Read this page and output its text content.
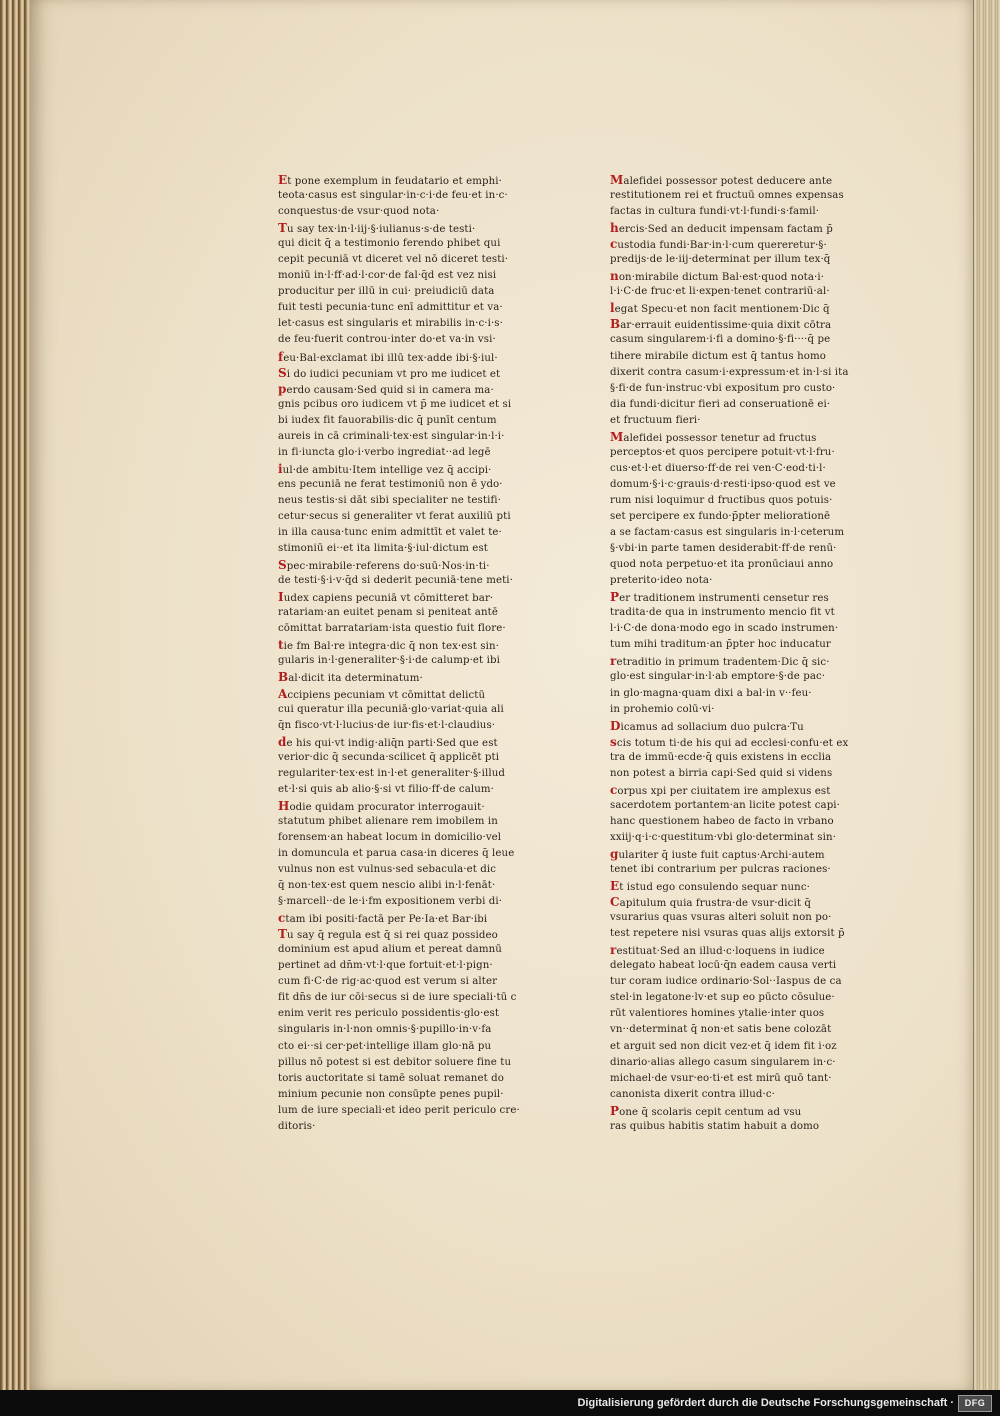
Et pone exemplum in feudatario et emphi·
teota·casus est singular·in·c·i·de feu·et in·c·
conquestus·de vsur·quod nota·
Tu say tex·in·l·iij·§·iulianus·s·de testi·
qui dicit q̄ a testimonio ferendo phibet qui
cepit pecuniā vt diceret vel nō diceret testi·
moniū in·l·ff·ad·l·cor·de fal·q̄d est vez nisi
producitur per illū in cui· preiudiciū data
fuit testi pecunia·tunc enī admittitur et va·
let·casus est singularis et mirabilis in·c·i·s·
de feu·fuerit controu·inter do·et va·in vsi·
feu·Bal·exclamat ibi illū tex·adde ibi·§·iul·
Si do iudici pecuniam vt pro me iudicet et
perdo causam·Sed quid si in camera ma·
gnis pcibus oro iudicem vt p̄ me iudicet et si
bi iudex fit fauorabilis·dic q̄ punīt centum
aureis in cā criminali·tex·est singular·in·l·i·
in fi·iuncta glo·i·verbo ingrediat··ad legē
iul·de ambitu·Item intellige vez q̄ accipi·
ens pecuniā ne ferat testimoniū non ē ydo·
neus testis·si dāt sibi specialiter ne testifi·
cetur·secus si generaliter vt ferat auxiliū pti
in illa causa·tunc enim admittīt et valet te·
stimoniū ei··et ita limita·§·iul·dictum est
Spec·mirabile·referens do·suū·Nos·in·ti·
de testi·§·i·v·q̄d si dederit pecuniā·tene meti·
Iudex capiens pecuniā vt cōmitteret bar·
ratariam·an euitet penam si peniteat antē
cōmittat barratariam·ista questio fuit flore·
tie fm Bal·re integra·dic q̄ non tex·est sin·
gularis in·l·generaliter·§·i·de calump·et ibi
Bal·dicit ita determinatum·
Accipiens pecuniam vt cōmittat delictū
cui queratur illa pecuniā·glo·variat·quia ali
q̄n fisco·vt·l·lucius·de iur·fis·et·l·claudius·
de his qui·vt indig·aliq̄n parti·Sed que est
verior·dic q̄ secunda·scilicet q̄ applicēt pti
regulariter·tex·est in·l·et generaliter·§·illud
et·l·si quis ab alio·§·si vt filio·ff·de calum·
Hodie quidam procurator interrogauit·
statutum phibet alienare rem imobilem in
forensem·an habeat locum in domicilio·vel
in domuncula et parua casa·in diceres q̄ leue
vulnus non est vulnus·sed sebacula·et dic
q̄ non·tex·est quem nescio alibi in·l·fenāt·
§·marcell··de le·i·fm expositionem verbi di·
ctam ibi positi·factā per Pe·Ia·et Bar·ibi
Tu say q̄ regula est q̄ si rei quaz possideo
dominium est apud alium et pereat damnū
pertinet ad dn̄m·vt·l·que fortuit·et·l·pign·
cum fi·C·de rig·ac·quod est verum si alter
fit dn̄s de iur cōi·secus si de iure speciali·tū c
enim verit res periculo possidentis·glo·est
singularis in·l·non omnis·§·pupillo·in·v·fa
cto ei··si cer·pet·intellige illam glo·nā pu
pillus nō potest si est debitor soluere fine tu
toris auctoritate si tamē soluat remanet do
minium pecunie non consūpte penes pupil·
lum de iure speciali·et ideo perit periculo cre·
ditoris·
Malefidei possessor potest deducere ante
restitutionem rei et fructuū omnes expensas
factas in cultura fundi·vt·l·fundi·s·famil·
hercis·Sed an deducit impensam factam p̄
custodia fundi·Bar·in·l·cum quereretur·§·
predijs·de le·iij·determinat per illum tex·q̄
non·mirabile dictum Bal·est·quod nota·i·
l·i·C·de fruc·et li·expen·tenet contrariū·al·
legat Specu·et non facit mentionem·Dic q̄
Bar·errauit euidentissime·quia dixit cōtra
casum singularem·i·fi a domino·§·fi····q̄ pe
tihere mirabile dictum est q̄ tantus homo
dixerit contra casum·i·expressum·et in·l·si ita
§·fi·de fun·instruc·vbi expositum pro custo·
dia fundi·dicitur fieri ad conseruationē ei·
et fructuum fieri·
Malefidei possessor tenetur ad fructus
perceptos·et quos percipere potuit·vt·l·fru·
cus·et·l·et diuerso·ff·de rei ven·C·eod·ti·l·
domum·§·i·c·grauis·d·resti·ipso·quod est ve
rum nisi loquimur d fructibus quos potuis·
set percipere ex fundo·p̄pter meliorationē
a se factam·casus est singularis in·l·ceterum
§·vbi·in parte tamen desiderabit·ff·de renū·
quod nota perpetuo·et ita pronūciaui anno
preterito·ideo nota·
Per traditionem instrumenti censetur res
tradita·de qua in instrumento mencio fit vt
l·i·C·de dona·modo ego in scado instrumen·
tum mihi traditum·an p̄pter hoc inducatur
retraditio in primum tradentem·Dic q̄ sic·
glo·est singular·in·l·ab emptore·§·de pac·
in glo·magna·quam dixi a bal·in v··feu·
in prohemio colū·vi·
Dicamus ad sollacium duo pulcra·Tu
scis totum ti·de his qui ad ecclesi·confu·et ex
tra de immū·ecde·q̄ quis existens in ecclia
non potest a birria capi·Sed quid si videns
corpus xpi per ciuitatem ire amplexus est
sacerdotem portantem·an licite potest capi·
hanc questionem habeo de facto in vrbano
xxiij·q·i·c·questitum·vbi glo·determinat sin·
gulariter q̄ iuste fuit captus·Archi·autem
tenet ibi contrarium per pulcras raciones·
Et istud ego consulendo sequar nunc·
Capitulum quia frustra·de vsur·dicit q̄
vsurarius quas vsuras alteri soluit non po·
test repetere nisi vsuras quas alijs extorsit p̄
restituat·Sed an illud·c·loquens in iudice
delegato habeat locū·q̄n eadem causa verti
tur coram iudice ordinario·Sol··Iaspus de ca
stel·in legatone·lv·et sup eo pūcto cōsulue·
rūt valentiores homines ytalie·inter quos
vn··determinat q̄ non·et satis bene colozāt
et arguit sed non dicit vez·et q̄ idem fit i·oz
dinario·alias allego casum singularem in·c·
michael·de vsur·eo·ti·et est mirū quō tant·
canonista dixerit contra illud·c·
Pone q̄ scolaris cepit centum ad vsu
ras quibus habitis statim habuit a domo
Digitalisierung gefördert durch die Deutsche Forschungsgemeinschaft ·	DFG
